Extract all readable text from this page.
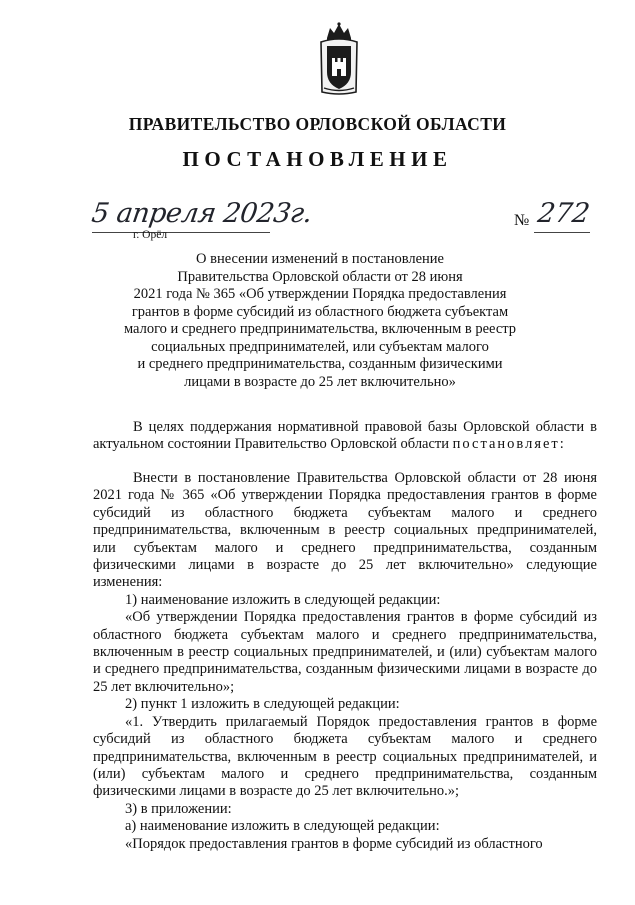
ПРАВИТЕЛЬСТВО ОРЛОВСКОЙ ОБЛАСТИ
ПОСТАНОВЛЕНИЕ
5 апреля 2023г.
г. Орёл
№ 272
О внесении изменений в постановление
Правительства Орловской области от 28 июня
2021 года № 365 «Об утверждении Порядка предоставления
грантов в форме субсидий из областного бюджета субъектам
малого и среднего предпринимательства, включенным в реестр
социальных предпринимателей, или субъектам малого
и среднего предпринимательства, созданным физическими
лицами в возрасте до 25 лет включительно»

В целях поддержания нормативной правовой базы Орловской области в актуальном состоянии Правительство Орловской области постановляет:

Внести в постановление Правительства Орловской области от 28 июня 2021 года № 365 «Об утверждении Порядка предоставления грантов в форме субсидий из областного бюджета субъектам малого и среднего предпринимательства, включенным в реестр социальных предпринимателей, или субъектам малого и среднего предпринимательства, созданным физическими лицами в возрасте до 25 лет включительно» следующие изменения:

1) наименование изложить в следующей редакции:

«Об утверждении Порядка предоставления грантов в форме субсидий из областного бюджета субъектам малого и среднего предпринимательства, включенным в реестр социальных предпринимателей, и (или) субъектам малого и среднего предпринимательства, созданным физическими лицами в возрасте до 25 лет включительно»;

2) пункт 1 изложить в следующей редакции:

«1. Утвердить прилагаемый Порядок предоставления грантов в форме субсидий из областного бюджета субъектам малого и среднего предпринимательства, включенным в реестр социальных предпринимателей, и (или) субъектам малого и среднего предпринимательства, созданным физическими лицами в возрасте до 25 лет включительно.»;

3) в приложении:

а) наименование изложить в следующей редакции:

«Порядок предоставления грантов в форме субсидий из областного
